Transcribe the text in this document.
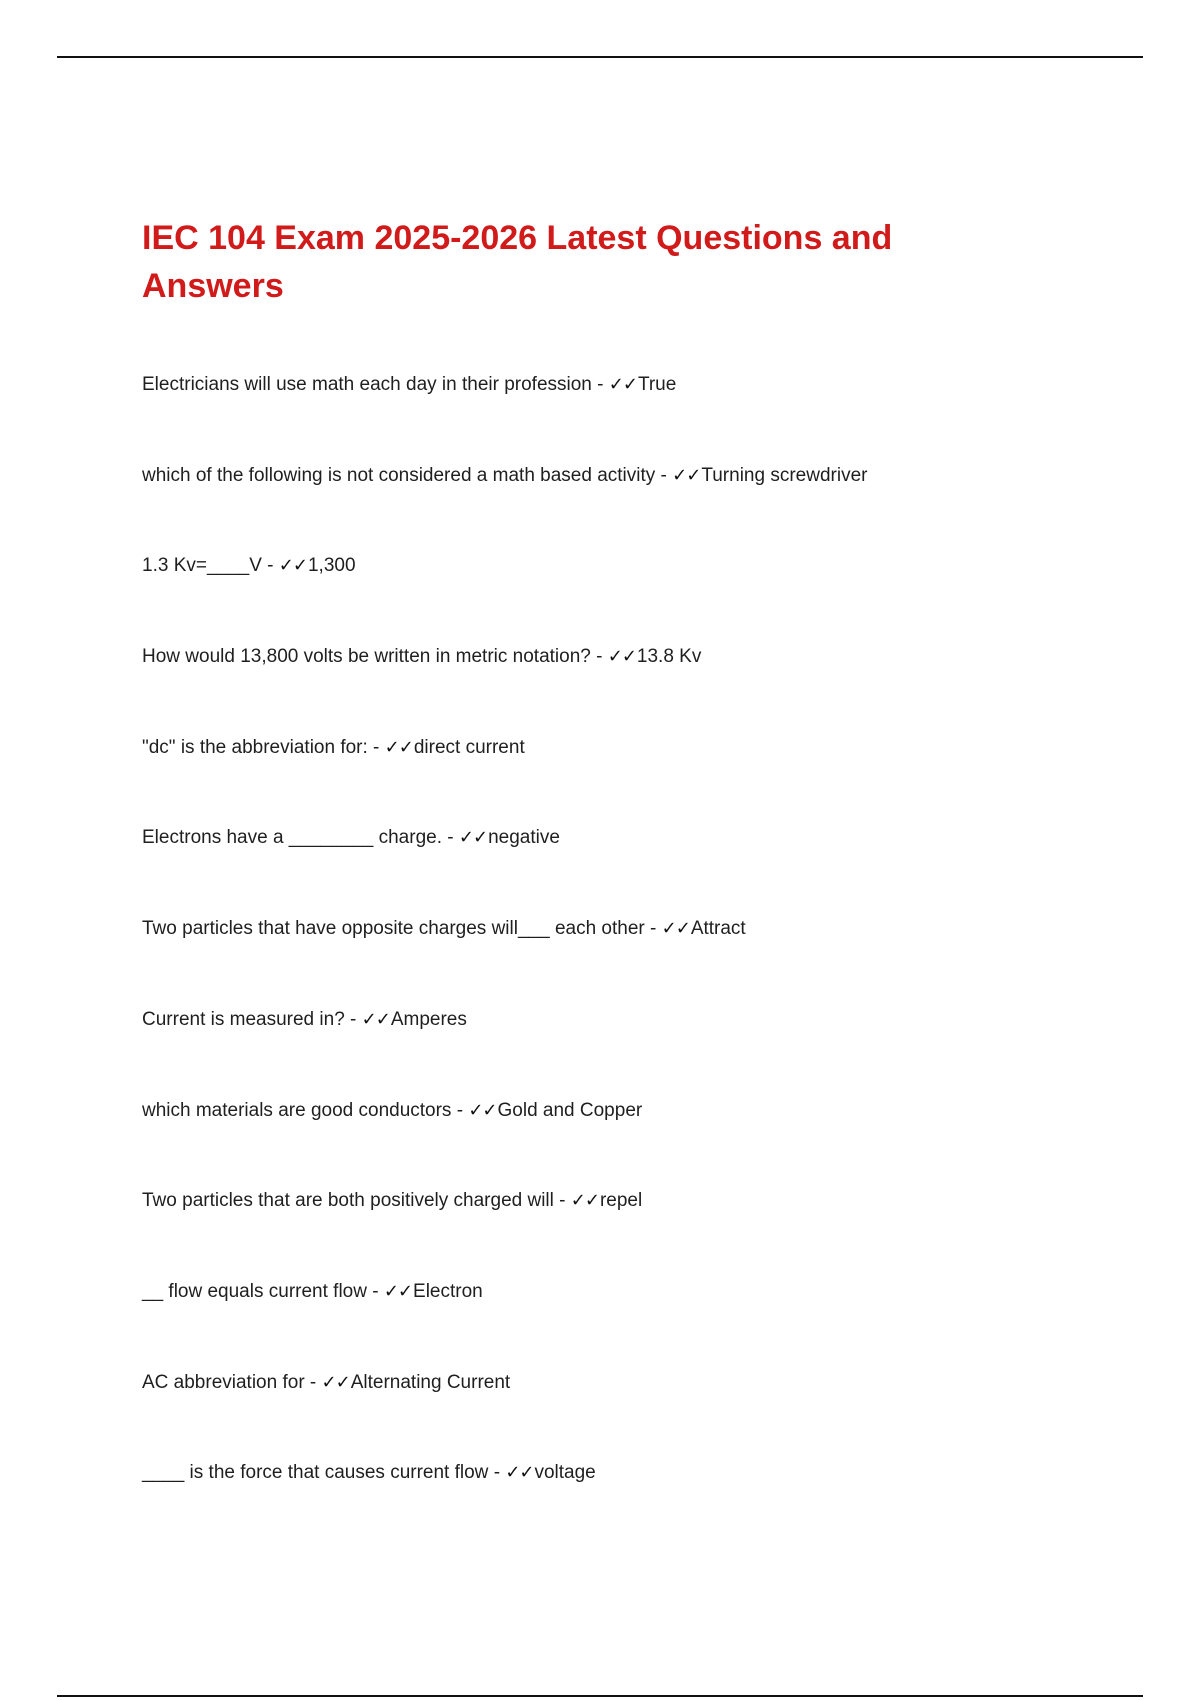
IEC 104 Exam 2025-2026 Latest Questions and Answers
Electricians will use math each day in their profession - ✓✓True
which of the following is not considered a math based activity - ✓✓Turning screwdriver
1.3 Kv=____V - ✓✓1,300
How would 13,800 volts be written in metric notation? - ✓✓13.8 Kv
"dc" is the abbreviation for: - ✓✓direct current
Electrons have a ________ charge. - ✓✓negative
Two particles that have opposite charges will___ each other - ✓✓Attract
Current is measured in? - ✓✓Amperes
which materials are good conductors - ✓✓Gold and Copper
Two particles that are both positively charged will - ✓✓repel
__ flow equals current flow - ✓✓Electron
AC abbreviation for - ✓✓Alternating Current
____ is the force that causes current flow - ✓✓voltage
